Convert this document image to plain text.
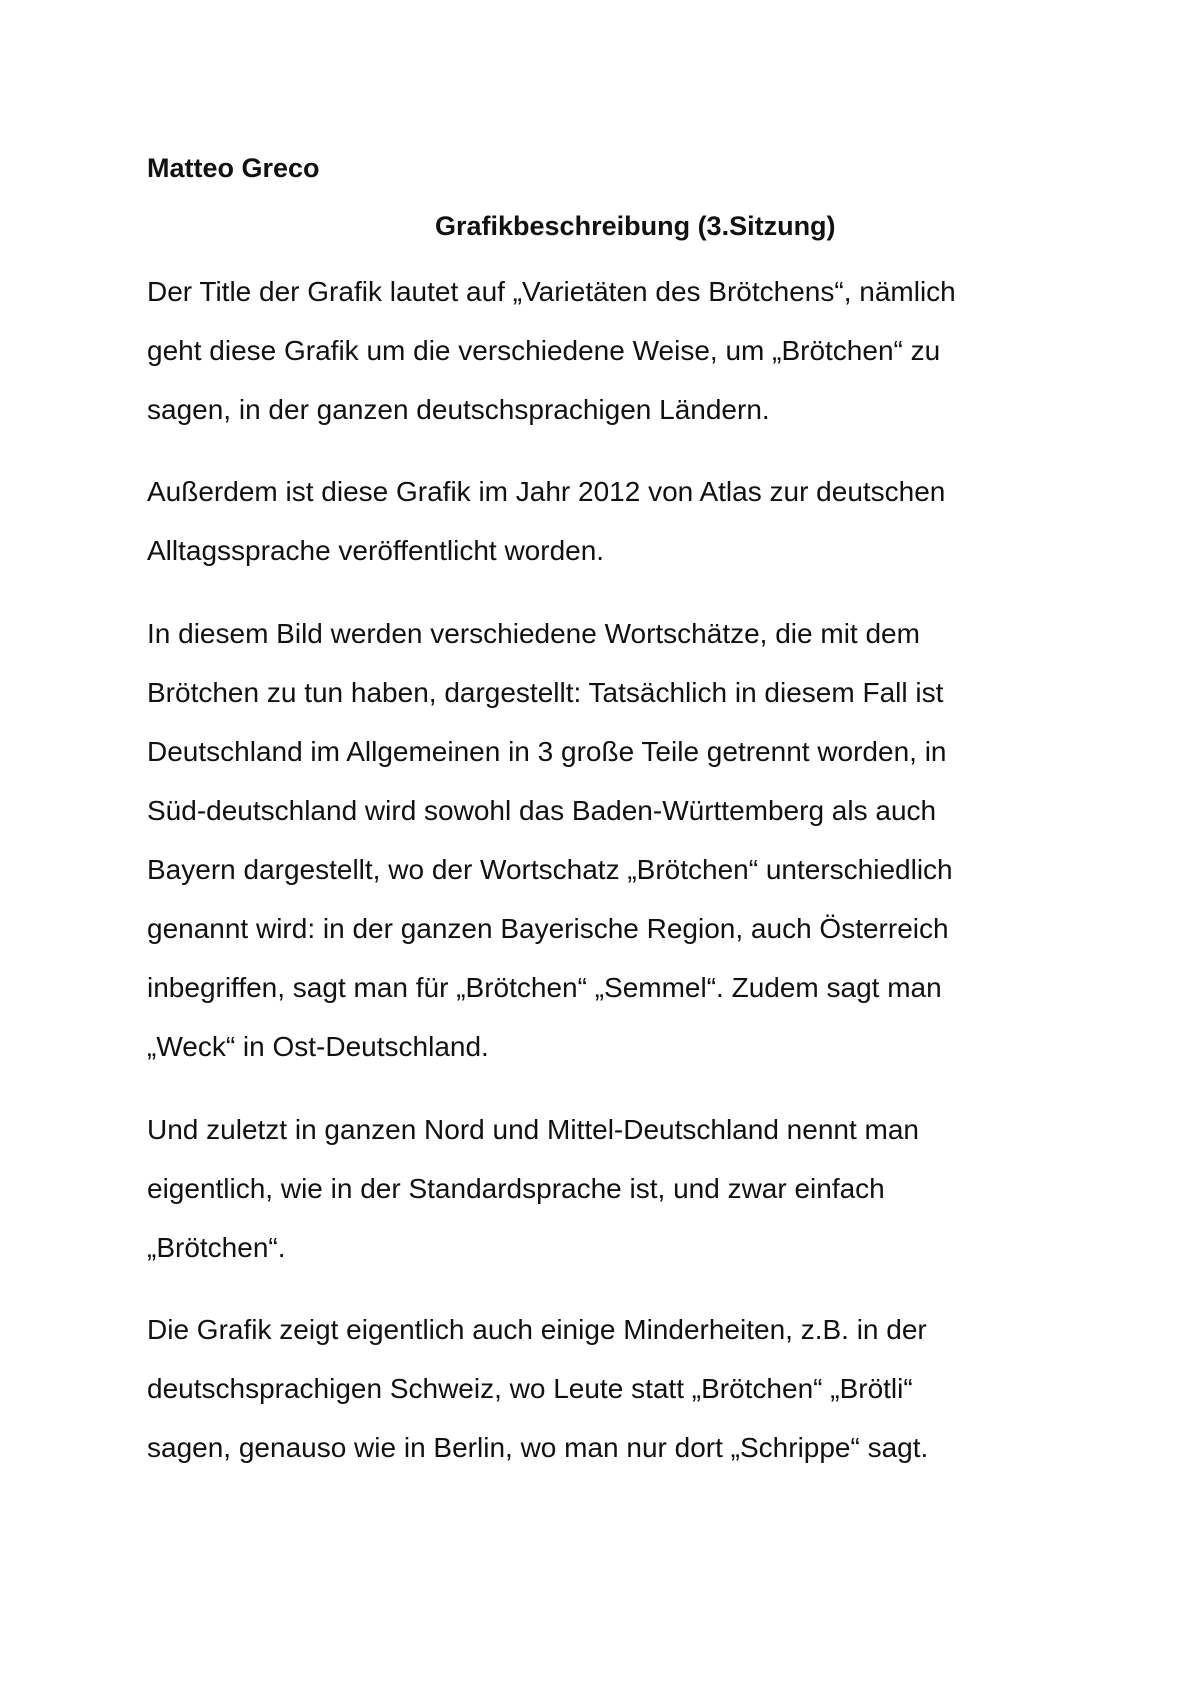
Matteo Greco
Grafikbeschreibung (3.Sitzung)
Der Title der Grafik lautet auf „Varietäten des Brötchens“, nämlich
geht diese Grafik um die verschiedene Weise, um „Brötchen“ zu
sagen, in der ganzen deutschsprachigen Ländern.
Außerdem ist diese Grafik im Jahr 2012 von Atlas zur deutschen
Alltagssprache veröffentlicht worden.
In diesem Bild werden verschiedene Wortschätze, die mit dem
Brötchen zu tun haben, dargestellt: Tatsächlich in diesem Fall ist
Deutschland im Allgemeinen in 3 große Teile getrennt worden, in
Süd-deutschland wird sowohl das Baden-Württemberg als auch
Bayern dargestellt, wo der Wortschatz „Brötchen“ unterschiedlich
genannt wird: in der ganzen Bayerische Region, auch Österreich
inbegriffen, sagt man für „Brötchen“ „Semmel“. Zudem sagt man
„Weck“ in Ost-Deutschland.
Und zuletzt in ganzen Nord und Mittel-Deutschland nennt man
eigentlich, wie in der Standardsprache ist, und zwar einfach
„Brötchen“.
Die Grafik zeigt eigentlich auch einige Minderheiten, z.B. in der
deutschsprachigen Schweiz, wo Leute statt „Brötchen“ „Brötli“
sagen, genauso wie in Berlin, wo man nur dort „Schrippe“ sagt.
